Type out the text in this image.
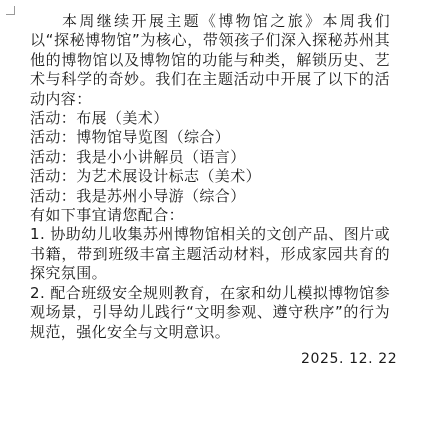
本周继续开展主题《博物馆之旅》本周我们以“探秘博物馆”为核心，带领孩子们深入探秘苏州其他的博物馆以及博物馆的功能与种类，解锁历史、艺术与科学的奇妙。我们在主题活动中开展了以下的活动内容：

活动：布展（美术）

活动：博物馆导览图（综合）

活动：我是小小讲解员（语言）

活动：为艺术展设计标志（美术）

活动：我是苏州小导游（综合）

有如下事宜请您配合：

1. 协助幼儿收集苏州博物馆相关的文创产品、图片或书籍，带到班级丰富主题活动材料，形成家园共育的探究氛围。

2. 配合班级安全规则教育，在家和幼儿模拟博物馆参观场景，引导幼儿践行“文明参观、遵守秩序”的行为规范，强化安全与文明意识。

2025. 12. 22
